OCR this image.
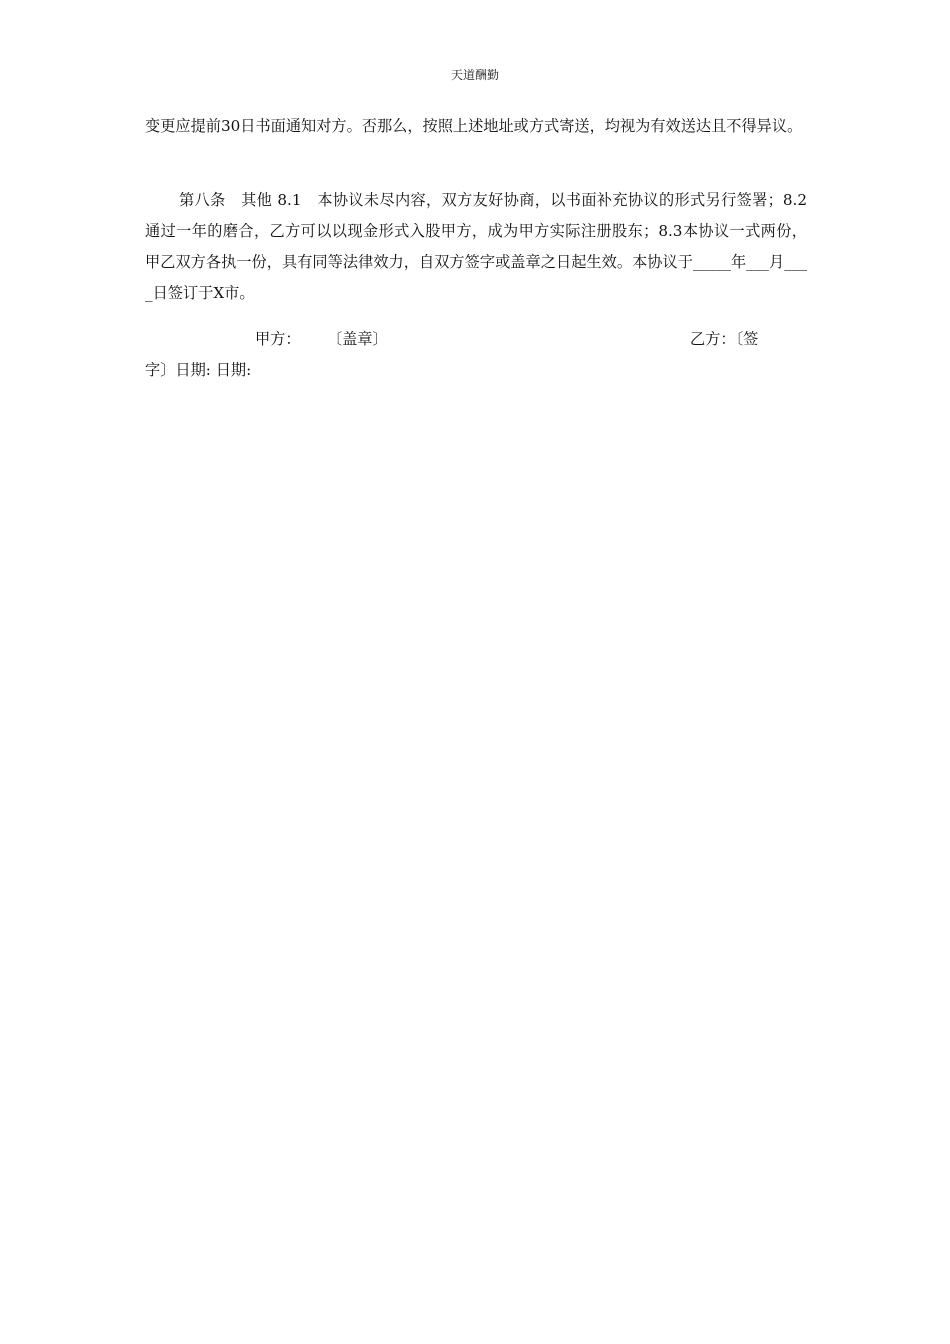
天道酬勤

变更应提前30日书面通知对方。否那么，按照上述地址或方式寄送，均视为有效送达且不得异议。

第八条　其他 8.1　本协议未尽内容，双方友好协商，以书面补充协议的形式另行签署；8.2通过一年的磨合，乙方可以以现金形式入股甲方，成为甲方实际注册股东；8.3本协议一式两份，甲乙双方各执一份，具有同等法律效力，自双方签字或盖章之日起生效。本协议于_____年___月____日签订于X市。

甲方： 〔盖章〕	乙方：〔签
字〕日期: 日期:
